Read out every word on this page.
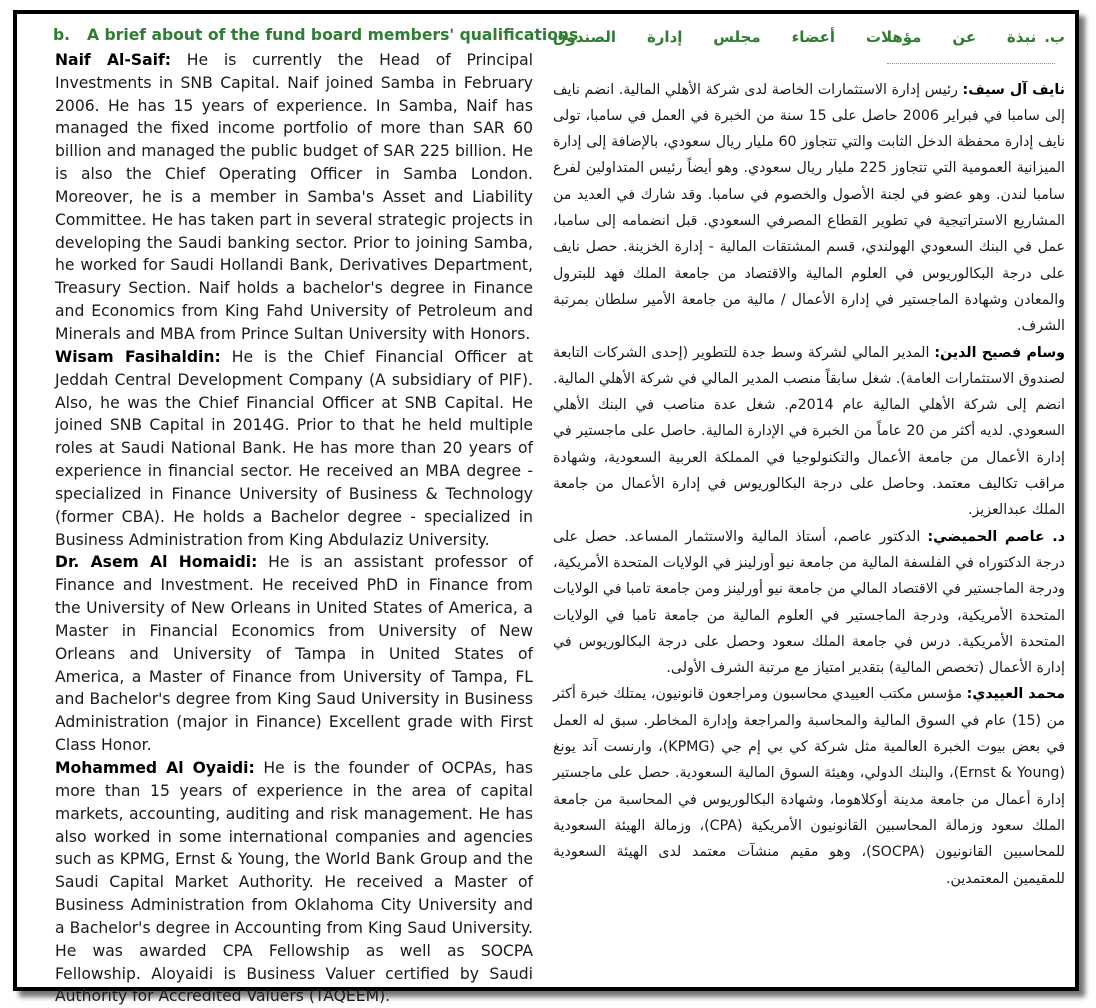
b. A brief about of the fund board members' qualifications

Naif Al-Saif: He is currently the Head of Principal Investments in SNB Capital. Naif joined Samba in February 2006. He has 15 years of experience. In Samba, Naif has managed the fixed income portfolio of more than SAR 60 billion and managed the public budget of SAR 225 billion. He is also the Chief Operating Officer in Samba London. Moreover, he is a member in Samba's Asset and Liability Committee. He has taken part in several strategic projects in developing the Saudi banking sector. Prior to joining Samba, he worked for Saudi Hollandi Bank, Derivatives Department, Treasury Section. Naif holds a bachelor's degree in Finance and Economics from King Fahd University of Petroleum and Minerals and MBA from Prince Sultan University with Honors.

Wisam Fasihaldin: He is the Chief Financial Officer at Jeddah Central Development Company (A subsidiary of PIF). Also, he was the Chief Financial Officer at SNB Capital. He joined SNB Capital in 2014G. Prior to that he held multiple roles at Saudi National Bank. He has more than 20 years of experience in financial sector. He received an MBA degree - specialized in Finance University of Business & Technology (former CBA). He holds a Bachelor degree - specialized in Business Administration from King Abdulaziz University.

Dr. Asem Al Homaidi: He is an assistant professor of Finance and Investment. He received PhD in Finance from the University of New Orleans in United States of America, a Master in Financial Economics from University of New Orleans and University of Tampa in United States of America, a Master of Finance from University of Tampa, FL and Bachelor's degree from King Saud University in Business Administration (major in Finance) Excellent grade with First Class Honor.

Mohammed Al Oyaidi: He is the founder of OCPAs, has more than 15 years of experience in the area of capital markets, accounting, auditing and risk management. He has also worked in some international companies and agencies such as KPMG, Ernst & Young, the World Bank Group and the Saudi Capital Market Authority. He received a Master of Business Administration from Oklahoma City University and a Bachelor's degree in Accounting from King Saud University. He was awarded CPA Fellowship as well as SOCPA Fellowship. Aloyaidi is Business Valuer certified by Saudi Authority for Accredited Valuers (TAQEEM).

ب.نبذة عن مؤهلات أعضاء مجلس إدارة الصندوق

نايف آل سيف: رئيس إدارة الاستثمارات الخاصة لدى شركة الأهلي المالية. انضم نايف إلى سامبا في فبراير 2006 حاصل على 15 سنة من الخبرة في العمل في سامبا، تولى نايف إدارة محفظة الدخل الثابت والتي تتجاوز 60 مليار ريال سعودي، بالإضافة إلى إدارة الميزانية العمومية التي تتجاوز 225 مليار ريال سعودي. وهو أيضاً رئيس المتداولين لفرع سامبا لندن. وهو عضو في لجنة الأصول والخصوم في سامبا. وقد شارك في العديد من المشاريع الاستراتيجية في تطوير القطاع المصرفي السعودي. قبل انضمامه إلى سامبا، عمل في البنك السعودي الهولندي، قسم المشتقات المالية - إدارة الخزينة. حصل نايف على درجة البكالوريوس في العلوم المالية والاقتصاد من جامعة الملك فهد للبترول والمعادن وشهادة الماجستير في إدارة الأعمال / مالية من جامعة الأمير سلطان بمرتبة الشرف.

وسام فصيح الدين: المدير المالي لشركة وسط جدة للتطوير (إحدى الشركات التابعة لصندوق الاستثمارات العامة). شغل سابقاً منصب المدير المالي في شركة الأهلي المالية. انضم إلى شركة الأهلي المالية عام 2014م. شغل عدة مناصب في البنك الأهلي السعودي. لديه أكثر من 20 عاماً من الخبرة في الإدارة المالية. حاصل على ماجستير في إدارة الأعمال من جامعة الأعمال والتكنولوجيا في المملكة العربية السعودية، وشهادة مراقب تكاليف معتمد. وحاصل على درجة البكالوريوس في إدارة الأعمال من جامعة الملك عبدالعزيز.

د. عاصم الحميضي: الدكتور عاصم، أستاذ المالية والاستثمار المساعد. حصل على درجة الدكتوراه في الفلسفة المالية من جامعة نيو أورلينز في الولايات المتحدة الأمريكية، ودرجة الماجستير في الاقتصاد المالي من جامعة نيو أورلينز ومن جامعة تامبا في الولايات المتحدة الأمريكية، ودرجة الماجستير في العلوم المالية من جامعة تامبا في الولايات المتحدة الأمريكية. درس في جامعة الملك سعود وحصل على درجة البكالوريوس في إدارة الأعمال (تخصص المالية) بتقدير امتياز مع مرتبة الشرف الأولى.

محمد العييدي: مؤسس مكتب العييدي محاسبون ومراجعون قانونيون، يمتلك خبرة أكثر من (15) عام في السوق المالية والمحاسبة والمراجعة وإدارة المخاطر. سبق له العمل في بعض بيوت الخبرة العالمية مثل شركة كي بي إم جي (KPMG)، وارنست آند يونغ (Ernst & Young)، والبنك الدولي، وهيئة السوق المالية السعودية. حصل على ماجستير إدارة أعمال من جامعة مدينة أوكلاهوما، وشهادة البكالوريوس في المحاسبة من جامعة الملك سعود وزمالة المحاسبين القانونيون الأمريكية (CPA)، وزمالة الهيئة السعودية للمحاسبين القانونيون (SOCPA)، وهو مقيم منشآت معتمد لدى الهيئة السعودية للمقيمين المعتمدين.
